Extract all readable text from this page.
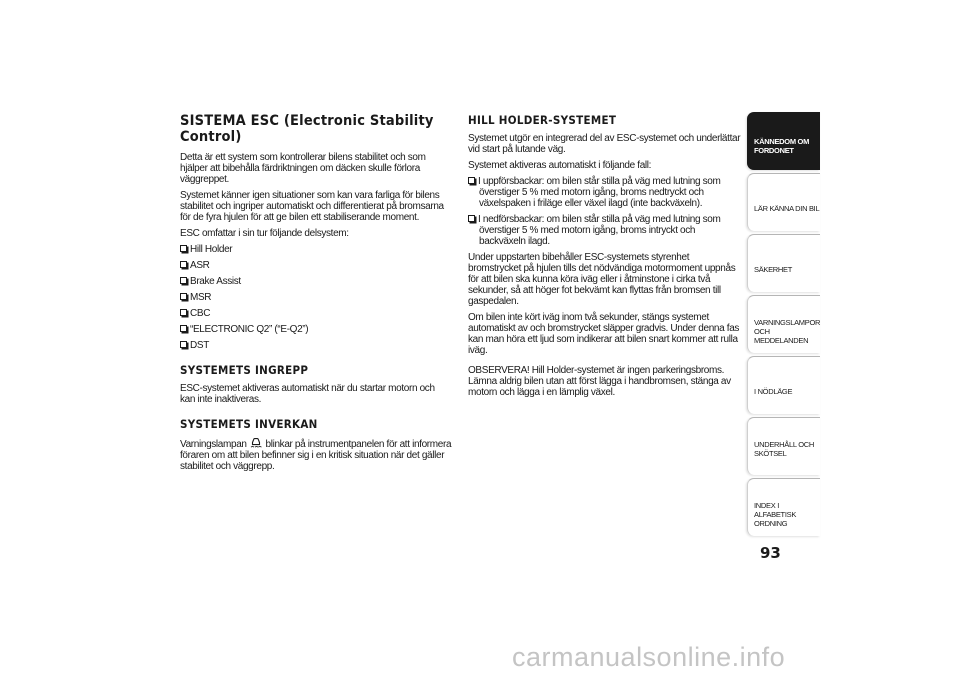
SISTEMA ESC (Electronic Stability Control)

Detta är ett system som kontrollerar bilens stabilitet och som hjälper att bibehålla färdriktningen om däcken skulle förlora väggreppet.

Systemet känner igen situationer som kan vara farliga för bilens stabilitet och ingriper automatiskt och differentierat på bromsarna för de fyra hjulen för att ge bilen ett stabiliserande moment.

ESC omfattar i sin tur följande delsystem:

Hill Holder
ASR
Brake Assist
MSR
CBC
“ELECTRONIC Q2” (“E-Q2”)
DST
SYSTEMETS INGREPP

ESC-systemet aktiveras automatiskt när du startar motorn och kan inte inaktiveras.

SYSTEMETS INVERKAN

Varningslampan blinkar på instrumentpanelen för att informera föraren om att bilen befinner sig i en kritisk situation när det gäller stabilitet och väggrepp.

HILL HOLDER-SYSTEMET

Systemet utgör en integrerad del av ESC-systemet och underlättar vid start på lutande väg.

Systemet aktiveras automatiskt i följande fall:

I uppförsbackar: om bilen står stilla på väg med lutning som överstiger 5 % med motorn igång, broms nedtryckt och växelspaken i friläge eller växel ilagd (inte backväxeln).
I nedförsbackar: om bilen står stilla på väg med lutning som överstiger 5 % med motorn igång, broms intryckt och backväxeln ilagd.

Under uppstarten bibehåller ESC-systemets styrenhet bromstrycket på hjulen tills det nödvändiga motormoment uppnås för att bilen ska kunna köra iväg eller i åtminstone i cirka två sekunder, så att höger fot bekvämt kan flyttas från bromsen till gaspedalen.

Om bilen inte kört iväg inom två sekunder, stängs systemet automatiskt av och bromstrycket släpper gradvis. Under denna fas kan man höra ett ljud som indikerar att bilen snart kommer att rulla iväg.

OBSERVERA! Hill Holder-systemet är ingen parkeringsbroms. Lämna aldrig bilen utan att först lägga i handbromsen, stänga av motorn och lägga i en lämplig växel.

KÄNNEDOM OM FORDONET
LÄR KÄNNA DIN BIL
SÄKERHET
VARNINGSLAMPOR OCH MEDDELANDEN
I NÖDLÄGE
UNDERHÅLL OCH SKÖTSEL
INDEX I ALFABETISK ORDNING
93
carmanualsonline.info
